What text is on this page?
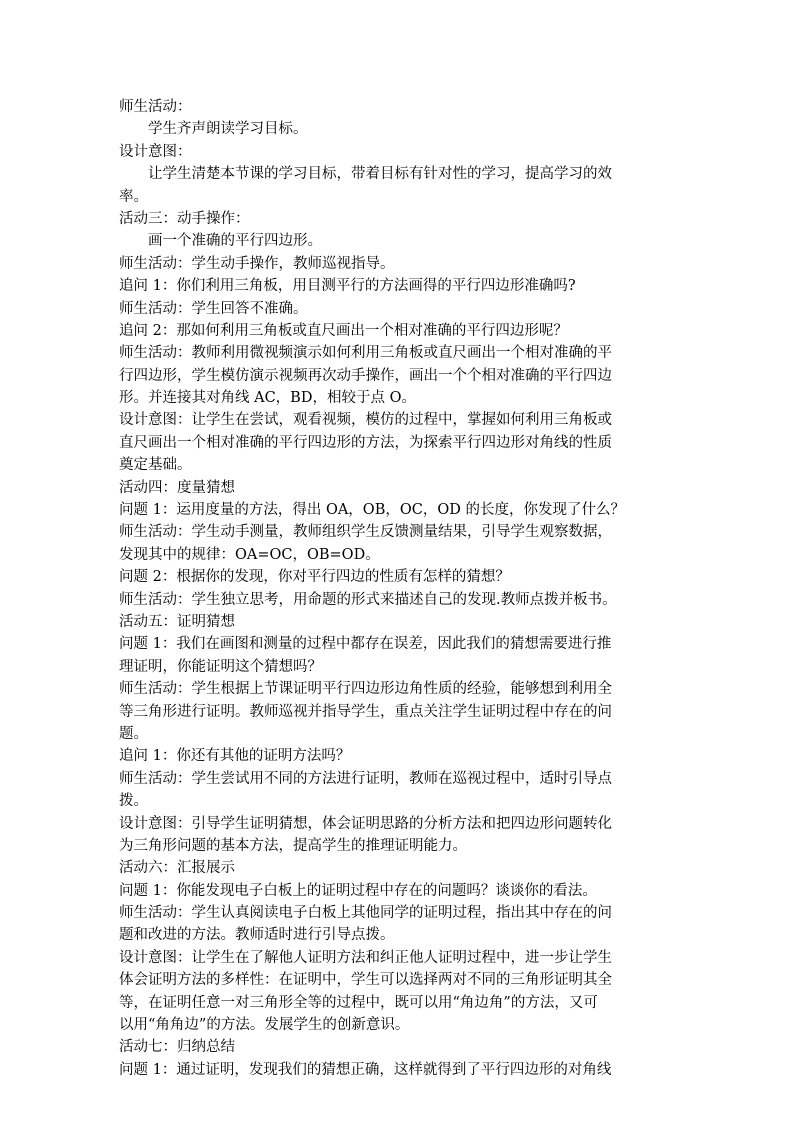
师生活动：

学生齐声朗读学习目标。

设计意图：

让学生清楚本节课的学习目标，带着目标有针对性的学习，提高学习的效

率。

活动三：动手操作：

画一个准确的平行四边形。

师生活动：学生动手操作，教师巡视指导。

追问 1：你们利用三角板，用目测平行的方法画得的平行四边形准确吗?

师生活动：学生回答不准确。

追问 2：那如何利用三角板或直尺画出一个相对准确的平行四边形呢？

师生活动：教师利用微视频演示如何利用三角板或直尺画出一个相对准确的平

行四边形，学生模仿演示视频再次动手操作，画出一个个相对准确的平行四边

形。并连接其对角线 AC，BD，相较于点 O。

设计意图：让学生在尝试，观看视频，模仿的过程中，掌握如何利用三角板或

直尺画出一个相对准确的平行四边形的方法，为探索平行四边形对角线的性质

奠定基础。

活动四：度量猜想

问题 1：运用度量的方法，得出 OA，OB，OC，OD 的长度，你发现了什么？

师生活动：学生动手测量，教师组织学生反馈测量结果，引导学生观察数据，

发现其中的规律：OA=OC，OB=OD。

问题 2：根据你的发现，你对平行四边的性质有怎样的猜想？

师生活动：学生独立思考，用命题的形式来描述自己的发现.教师点拨并板书。

活动五：证明猜想

问题 1：我们在画图和测量的过程中都存在误差，因此我们的猜想需要进行推

理证明，你能证明这个猜想吗？

师生活动：学生根据上节课证明平行四边形边角性质的经验，能够想到利用全

等三角形进行证明。教师巡视并指导学生，重点关注学生证明过程中存在的问

题。

追问 1：你还有其他的证明方法吗？

师生活动：学生尝试用不同的方法进行证明，教师在巡视过程中，适时引导点

拨。

设计意图：引导学生证明猜想，体会证明思路的分析方法和把四边形问题转化

为三角形问题的基本方法，提高学生的推理证明能力。

活动六：汇报展示

问题 1：你能发现电子白板上的证明过程中存在的问题吗？谈谈你的看法。

师生活动：学生认真阅读电子白板上其他同学的证明过程，指出其中存在的问

题和改进的方法。教师适时进行引导点拨。

设计意图：让学生在了解他人证明方法和纠正他人证明过程中，进一步让学生

体会证明方法的多样性：在证明中，学生可以选择两对不同的三角形证明其全

等，在证明任意一对三角形全等的过程中，既可以用“角边角”的方法，又可

以用“角角边”的方法。发展学生的创新意识。

活动七：归纳总结

问题 1：通过证明，发现我们的猜想正确，这样就得到了平行四边形的对角线
